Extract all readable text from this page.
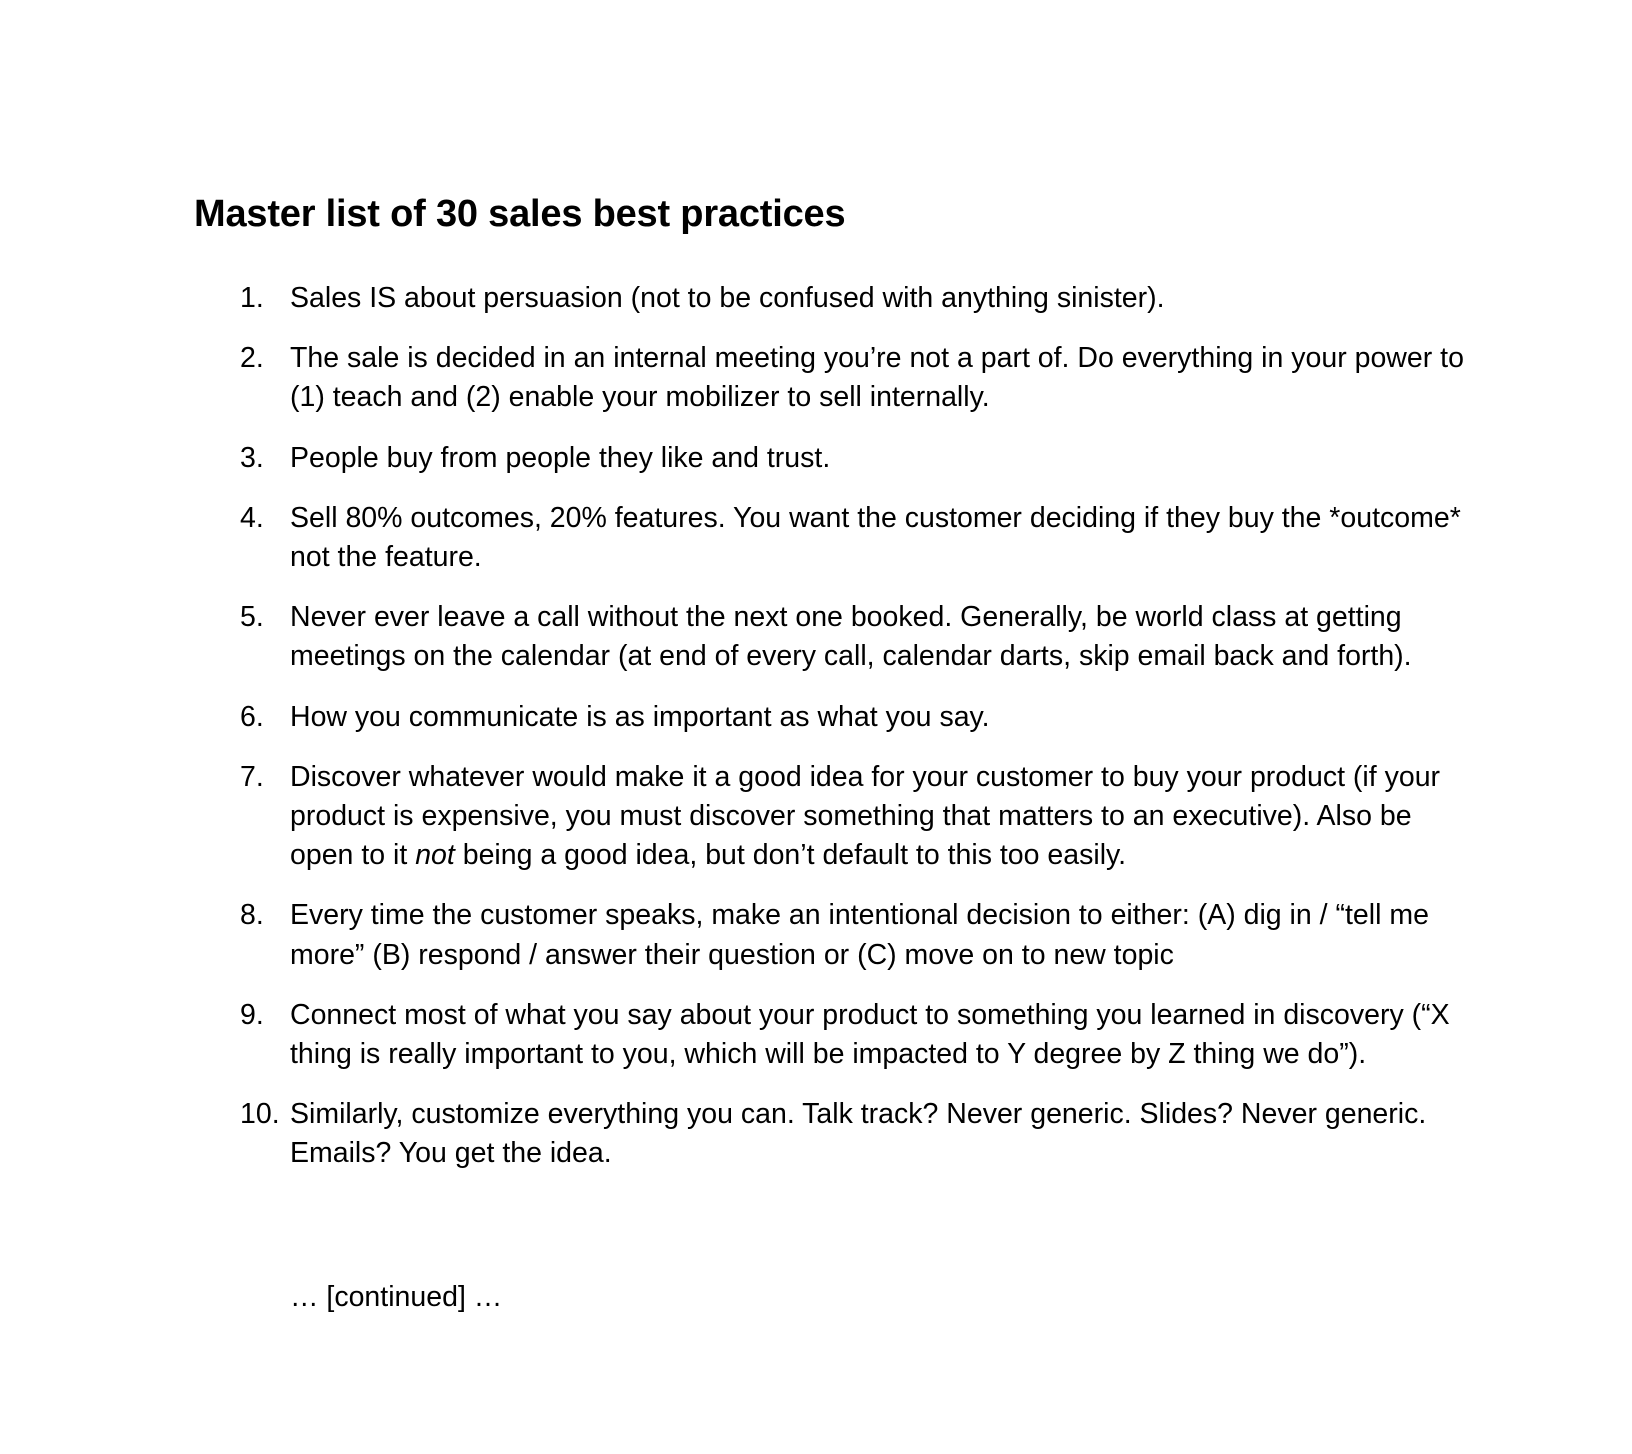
Master list of 30 sales best practices
1. Sales IS about persuasion (not to be confused with anything sinister).
2. The sale is decided in an internal meeting you’re not a part of. Do everything in your power to (1) teach and (2) enable your mobilizer to sell internally.
3. People buy from people they like and trust.
4. Sell 80% outcomes, 20% features. You want the customer deciding if they buy the *outcome* not the feature.
5. Never ever leave a call without the next one booked. Generally, be world class at getting meetings on the calendar (at end of every call, calendar darts, skip email back and forth).
6. How you communicate is as important as what you say.
7. Discover whatever would make it a good idea for your customer to buy your product (if your product is expensive, you must discover something that matters to an executive). Also be open to it not being a good idea, but don’t default to this too easily.
8. Every time the customer speaks, make an intentional decision to either: (A) dig in / “tell me more” (B) respond / answer their question or (C) move on to new topic
9. Connect most of what you say about your product to something you learned in discovery (“X thing is really important to you, which will be impacted to Y degree by Z thing we do”).
10. Similarly, customize everything you can. Talk track? Never generic. Slides? Never generic. Emails? You get the idea.

… [continued] …
